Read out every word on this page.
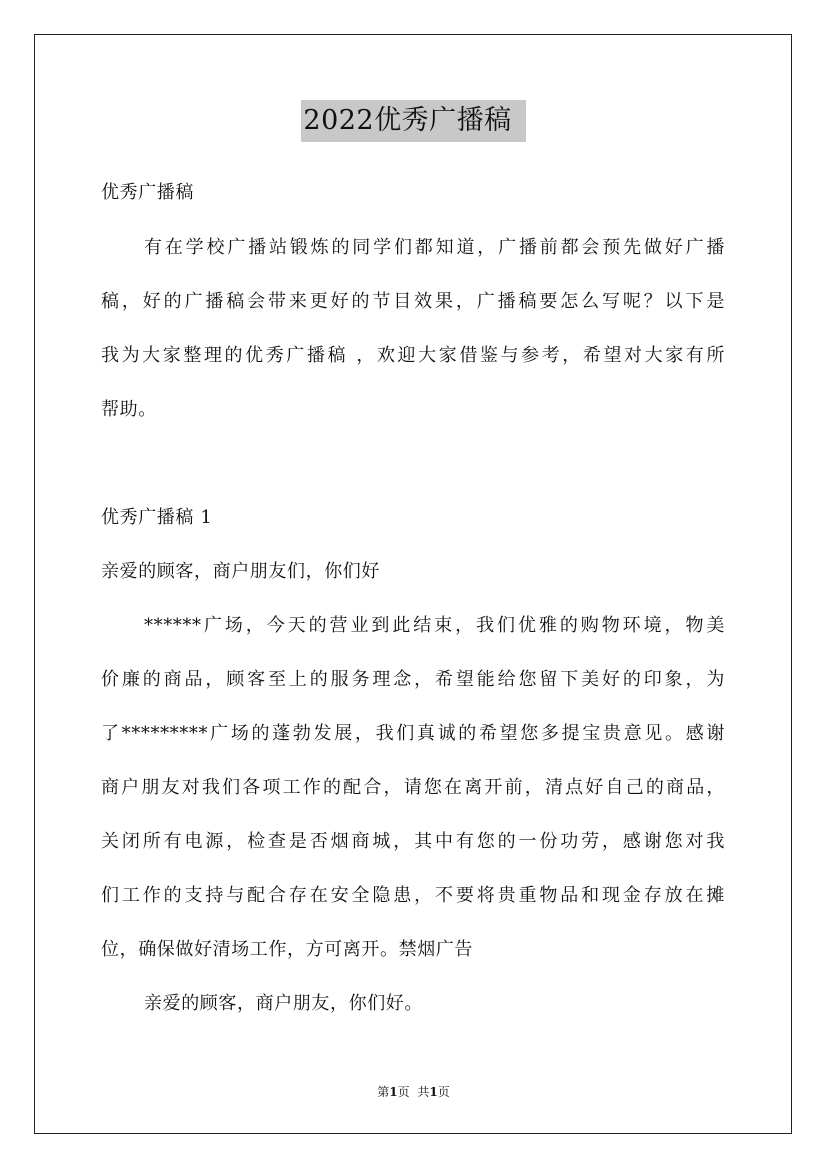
2022优秀广播稿
优秀广播稿
有在学校广播站锻炼的同学们都知道，广播前都会预先做好广播
稿，好的广播稿会带来更好的节目效果，广播稿要怎么写呢？以下是
我为大家整理的优秀广播稿 ，欢迎大家借鉴与参考，希望对大家有所
帮助。
优秀广播稿 1
亲爱的顾客，商户朋友们，你们好
******广场，今天的营业到此结束，我们优雅的购物环境，物美
价廉的商品，顾客至上的服务理念，希望能给您留下美好的印象，为
了*********广场的蓬勃发展，我们真诚的希望您多提宝贵意见。感谢
商户朋友对我们各项工作的配合，请您在离开前，清点好自己的商品，
关闭所有电源，检查是否烟商城，其中有您的一份功劳，感谢您对我
们工作的支持与配合存在安全隐患，不要将贵重物品和现金存放在摊
位，确保做好清场工作，方可离开。禁烟广告
亲爱的顾客，商户朋友，你们好。
第1页 共1页
